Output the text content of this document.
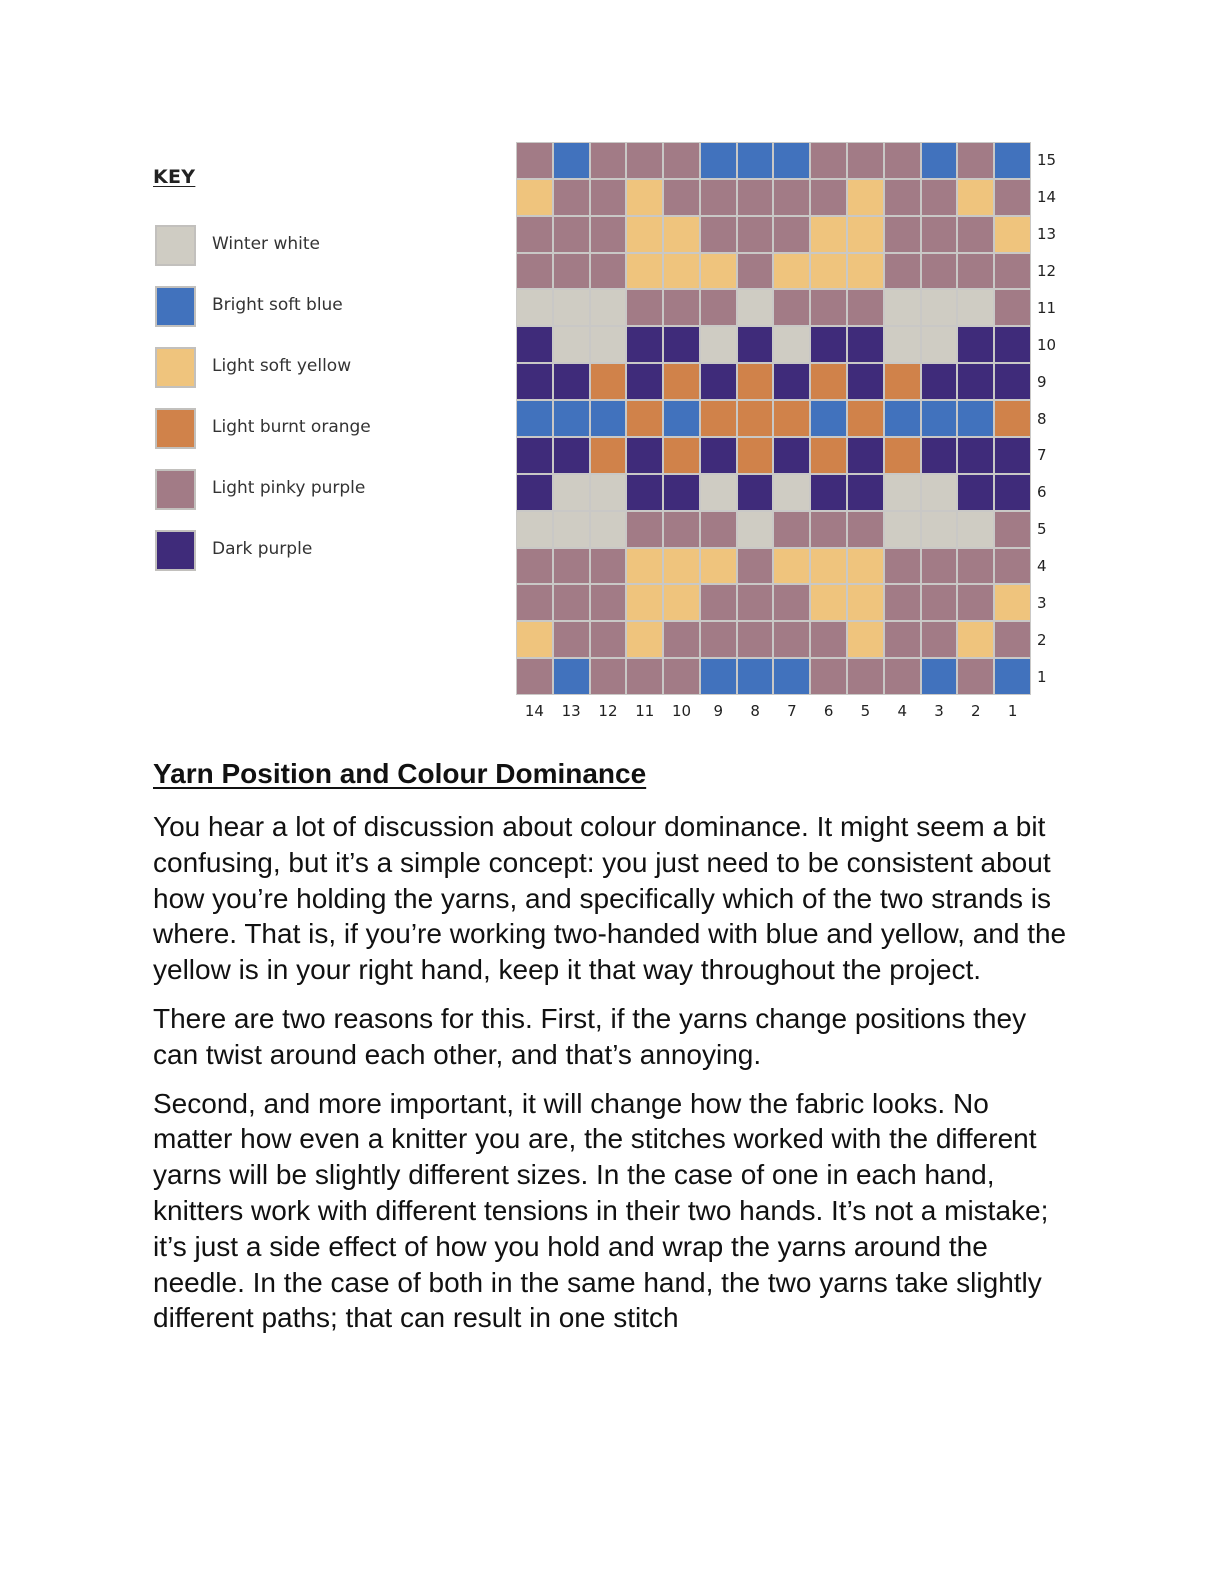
KEY
Winter white
Bright soft blue
Light soft yellow
Light burnt orange
Light pinky purple
Dark purple
15
14
13
12
11
10
9
8
7
6
5
4
3
2
1
14	13	12	11	10	9	8	7	6	5	4	3	2	1
Yarn Position and Colour Dominance

You hear a lot of discussion about colour dominance. It might seem a bit confusing, but it’s a simple concept: you just need to be consistent about how you’re holding the yarns, and specifically which of the two strands is where. That is, if you’re working two-handed with blue and yellow, and the yellow is in your right hand, keep it that way throughout the project.

There are two reasons for this. First, if the yarns change positions they can twist around each other, and that’s annoying.

Second, and more important, it will change how the fabric looks. No matter how even a knitter you are, the stitches worked with the different yarns will be slightly different sizes. In the case of one in each hand, knitters work with different tensions in their two hands. It’s not a mistake; it’s just a side effect of how you hold and wrap the yarns around the needle. In the case of both in the same hand, the two yarns take slightly different paths; that can result in one stitch
